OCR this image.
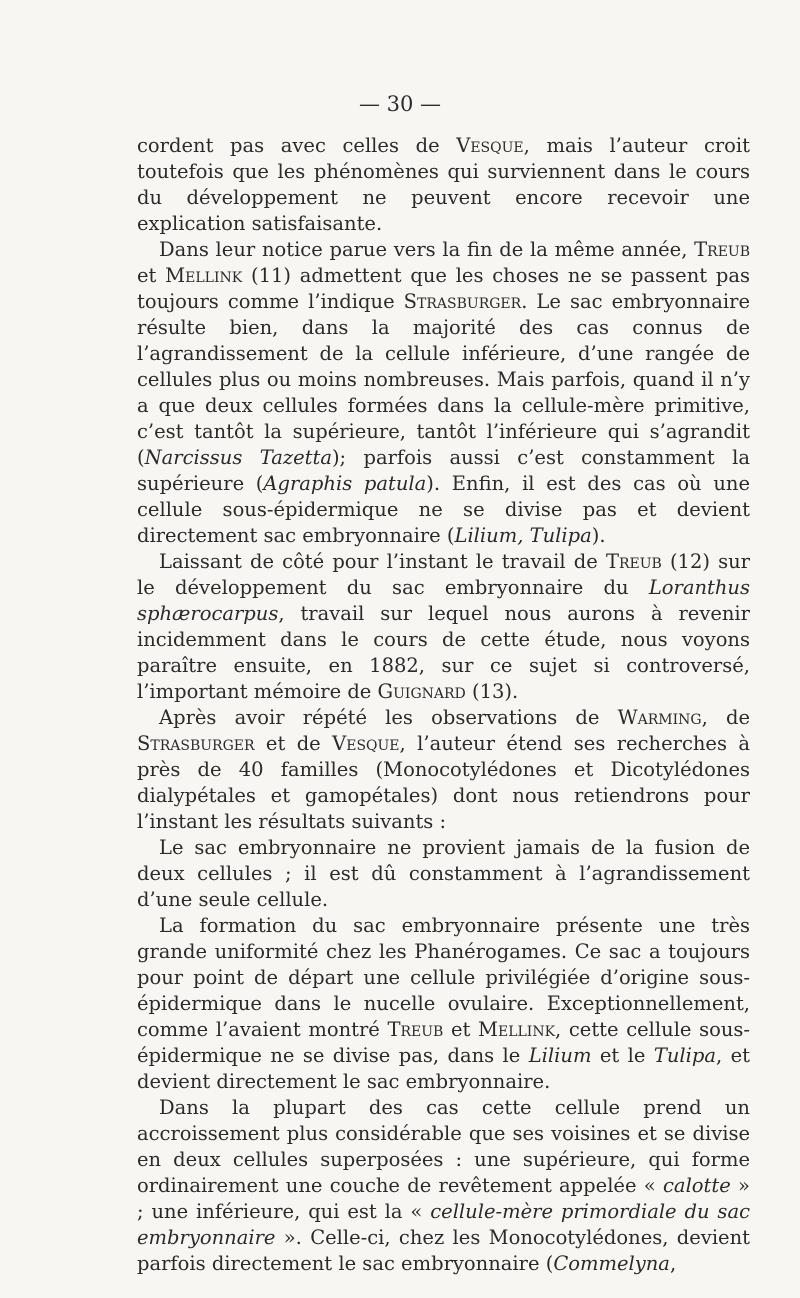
— 30 —

cordent pas avec celles de Vesque, mais l’auteur croit toutefois que les phénomènes qui surviennent dans le cours du développement ne peuvent encore recevoir une explication satisfaisante.

Dans leur notice parue vers la fin de la même année, Treub et Mellink (11) admettent que les choses ne se passent pas toujours comme l’indique Strasburger. Le sac embryonnaire résulte bien, dans la majorité des cas connus de l’agrandissement de la cellule inférieure, d’une rangée de cellules plus ou moins nombreuses. Mais parfois, quand il n’y a que deux cellules formées dans la cellule-mère primitive, c’est tantôt la supérieure, tantôt l’inférieure qui s’agrandit (Narcissus Tazetta); parfois aussi c’est constamment la supérieure (Agraphis patula). Enfin, il est des cas où une cellule sous-épidermique ne se divise pas et devient directement sac embryonnaire (Lilium, Tulipa).

Laissant de côté pour l’instant le travail de Treub (12) sur le développement du sac embryonnaire du Loranthus sphærocarpus, travail sur lequel nous aurons à revenir incidemment dans le cours de cette étude, nous voyons paraître ensuite, en 1882, sur ce sujet si controversé, l’important mémoire de Guignard (13).

Après avoir répété les observations de Warming, de Strasburger et de Vesque, l’auteur étend ses recherches à près de 40 familles (Monocotylédones et Dicotylédones dialypétales et gamopétales) dont nous retiendrons pour l’instant les résultats suivants :

Le sac embryonnaire ne provient jamais de la fusion de deux cellules ; il est dû constamment à l’agrandissement d’une seule cellule.

La formation du sac embryonnaire présente une très grande uniformité chez les Phanérogames. Ce sac a toujours pour point de départ une cellule privilégiée d’origine sous-épidermique dans le nucelle ovulaire. Exceptionnellement, comme l’avaient montré Treub et Mellink, cette cellule sous-épidermique ne se divise pas, dans le Lilium et le Tulipa, et devient directement le sac embryonnaire.

Dans la plupart des cas cette cellule prend un accroissement plus considérable que ses voisines et se divise en deux cellules superposées : une supérieure, qui forme ordinairement une couche de revêtement appelée « calotte » ; une inférieure, qui est la « cellule-mère primordiale du sac embryonnaire ». Celle-ci, chez les Monocotylédones, devient parfois directement le sac embryonnaire (Commelyna,
